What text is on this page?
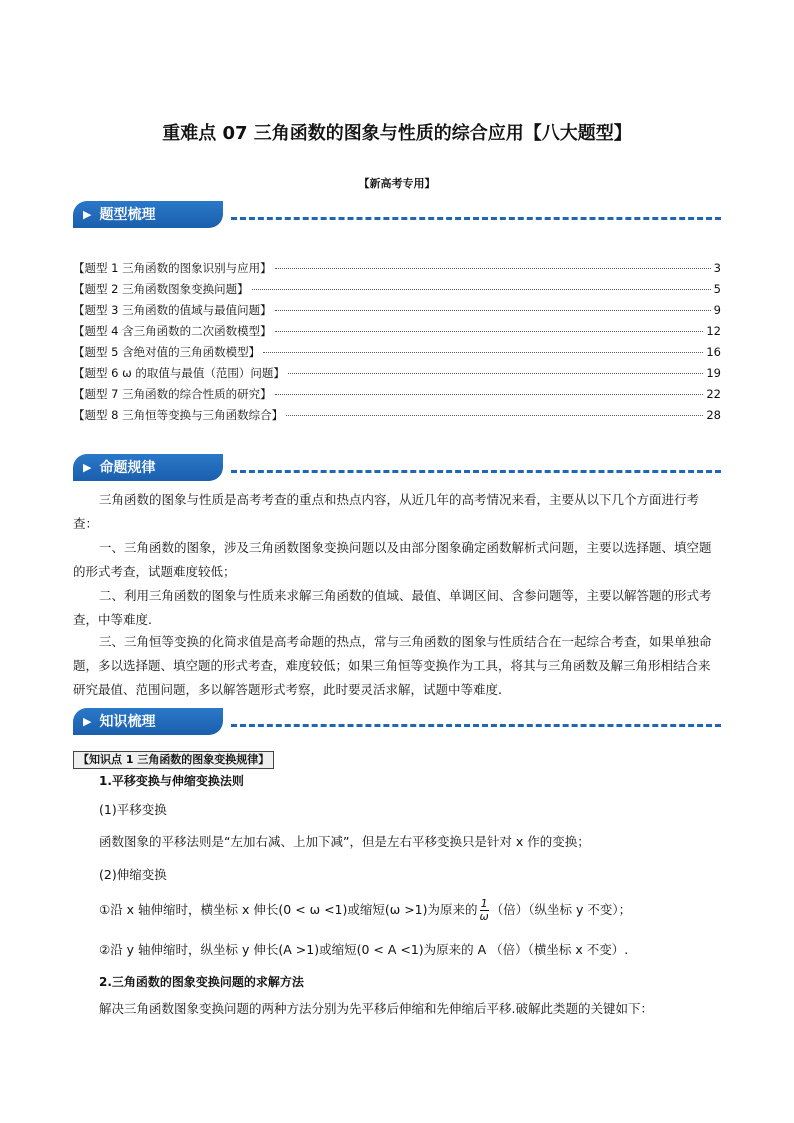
重难点 07 三角函数的图象与性质的综合应用【八大题型】
【新高考专用】
▶ 题型梳理
【题型 1 三角函数的图象识别与应用】	3
【题型 2 三角函数图象变换问题】	5
【题型 3 三角函数的值域与最值问题】	9
【题型 4 含三角函数的二次函数模型】	12
【题型 5 含绝对值的三角函数模型】	16
【题型 6 ω 的取值与最值（范围）问题】	19
【题型 7 三角函数的综合性质的研究】	22
【题型 8 三角恒等变换与三角函数综合】	28
▶ 命题规律
三角函数的图象与性质是高考考查的重点和热点内容，从近几年的高考情况来看，主要从以下几个方面进行考查：
一、三角函数的图象，涉及三角函数图象变换问题以及由部分图象确定函数解析式问题，主要以选择题、填空题的形式考查，试题难度较低；
二、利用三角函数的图象与性质来求解三角函数的值域、最值、单调区间、含参问题等，主要以解答题的形式考查，中等难度.
三、三角恒等变换的化简求值是高考命题的热点，常与三角函数的图象与性质结合在一起综合考查，如果单独命题，多以选择题、填空题的形式考查，难度较低；如果三角恒等变换作为工具，将其与三角函数及解三角形相结合来研究最值、范围问题，多以解答题形式考察，此时要灵活求解，试题中等难度.
▶ 知识梳理
【知识点 1 三角函数的图象变换规律】
1.平移变换与伸缩变换法则
(1)平移变换
函数图象的平移法则是“左加右减、上加下减”，但是左右平移变换只是针对 x 作的变换；
(2)伸缩变换
①沿 x 轴伸缩时，横坐标 x 伸长(0 < ω <1)或缩短(ω >1)为原来的 $\frac{1}{\omega}$ （倍）（纵坐标 y 不变）；
②沿 y 轴伸缩时，纵坐标 y 伸长(A >1)或缩短(0 < A <1)为原来的 A （倍）（横坐标 x 不变）.
2.三角函数的图象变换问题的求解方法
解决三角函数图象变换问题的两种方法分别为先平移后伸缩和先伸缩后平移.破解此类题的关键如下：
